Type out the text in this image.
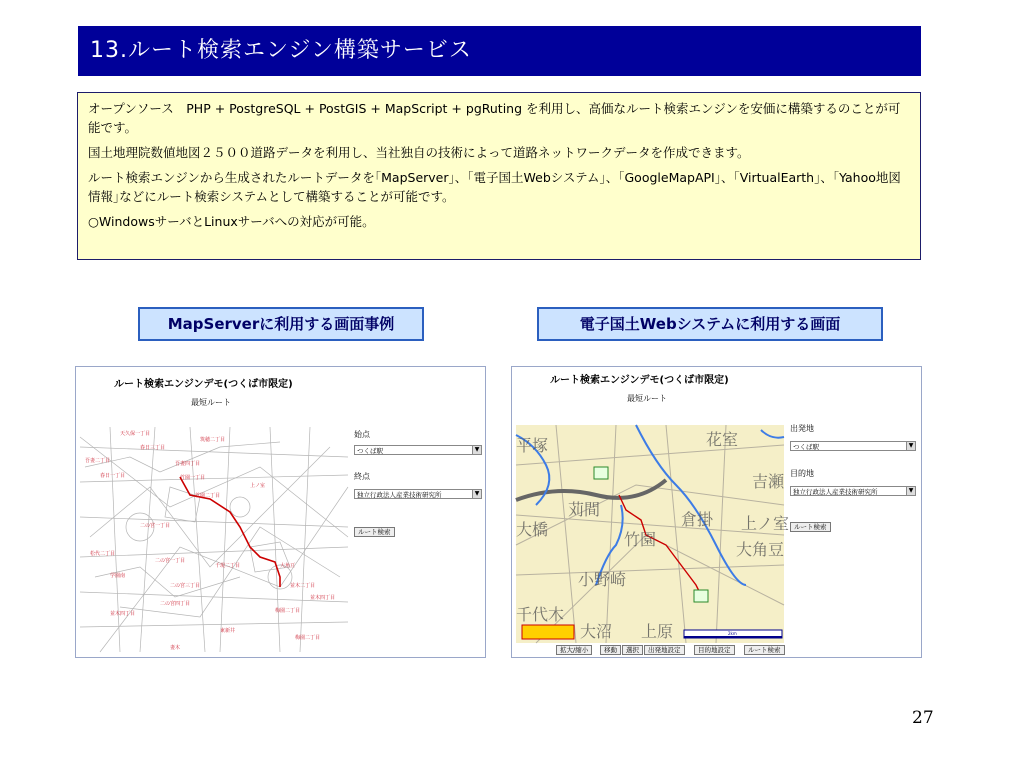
13.ルート検索エンジン構築サービス

オープンソース　PHP + PostgreSQL + PostGIS + MapScript + pgRuting を利用し、高価なルート検索エンジンを安価に構築するのことが可能です。

国土地理院数値地図２５００道路データを利用し、当社独自の技術によって道路ネットワークデータを作成できます。

ルート検索エンジンから生成されたルートデータを｢MapServer｣、｢電子国土Webシステム｣、｢GoogleMapAPI｣、｢VirtualEarth｣、｢Yahoo地図情報｣などにルート検索システムとして構築することが可能です。

○WindowsサーバとLinuxサーバへの対応が可能。

MapServerに利用する画面事例	電子国土Webシステムに利用する画面
ルート検索エンジンデモ(つくば市限定)
最短ルート
天久保一丁目
筑穂二丁目
春日三丁目
吾妻二丁目	吾妻四丁目
春日一丁目	竹園一丁目
竹園二丁目
上ノ室
二の宮一丁目
松代二丁目
二の宮一丁目
千現二丁目	大角豆
学園南
二の宮三丁目	並木二丁目
二の宮四丁目
並木四丁目	梅園二丁目
東新井
並木四丁目
梅園二丁目
妻木
始点
つくば駅	▼
終点
独立行政法人産業技術研究所	▼
ルート検索
ルート検索エンジンデモ(つくば市限定)
最短ルート
花室
吉瀬
苅間
倉掛 上ノ室
大角豆
竹園
小野崎
千代木
大沼 上原
大橋
平塚
2km
出発地
つくば駅	▼
目的地
独立行政法人産業技術研究所	▼
ルート検索
拡大/縮小	移動	選択	出発地設定	目的地設定	ルート検索
27
